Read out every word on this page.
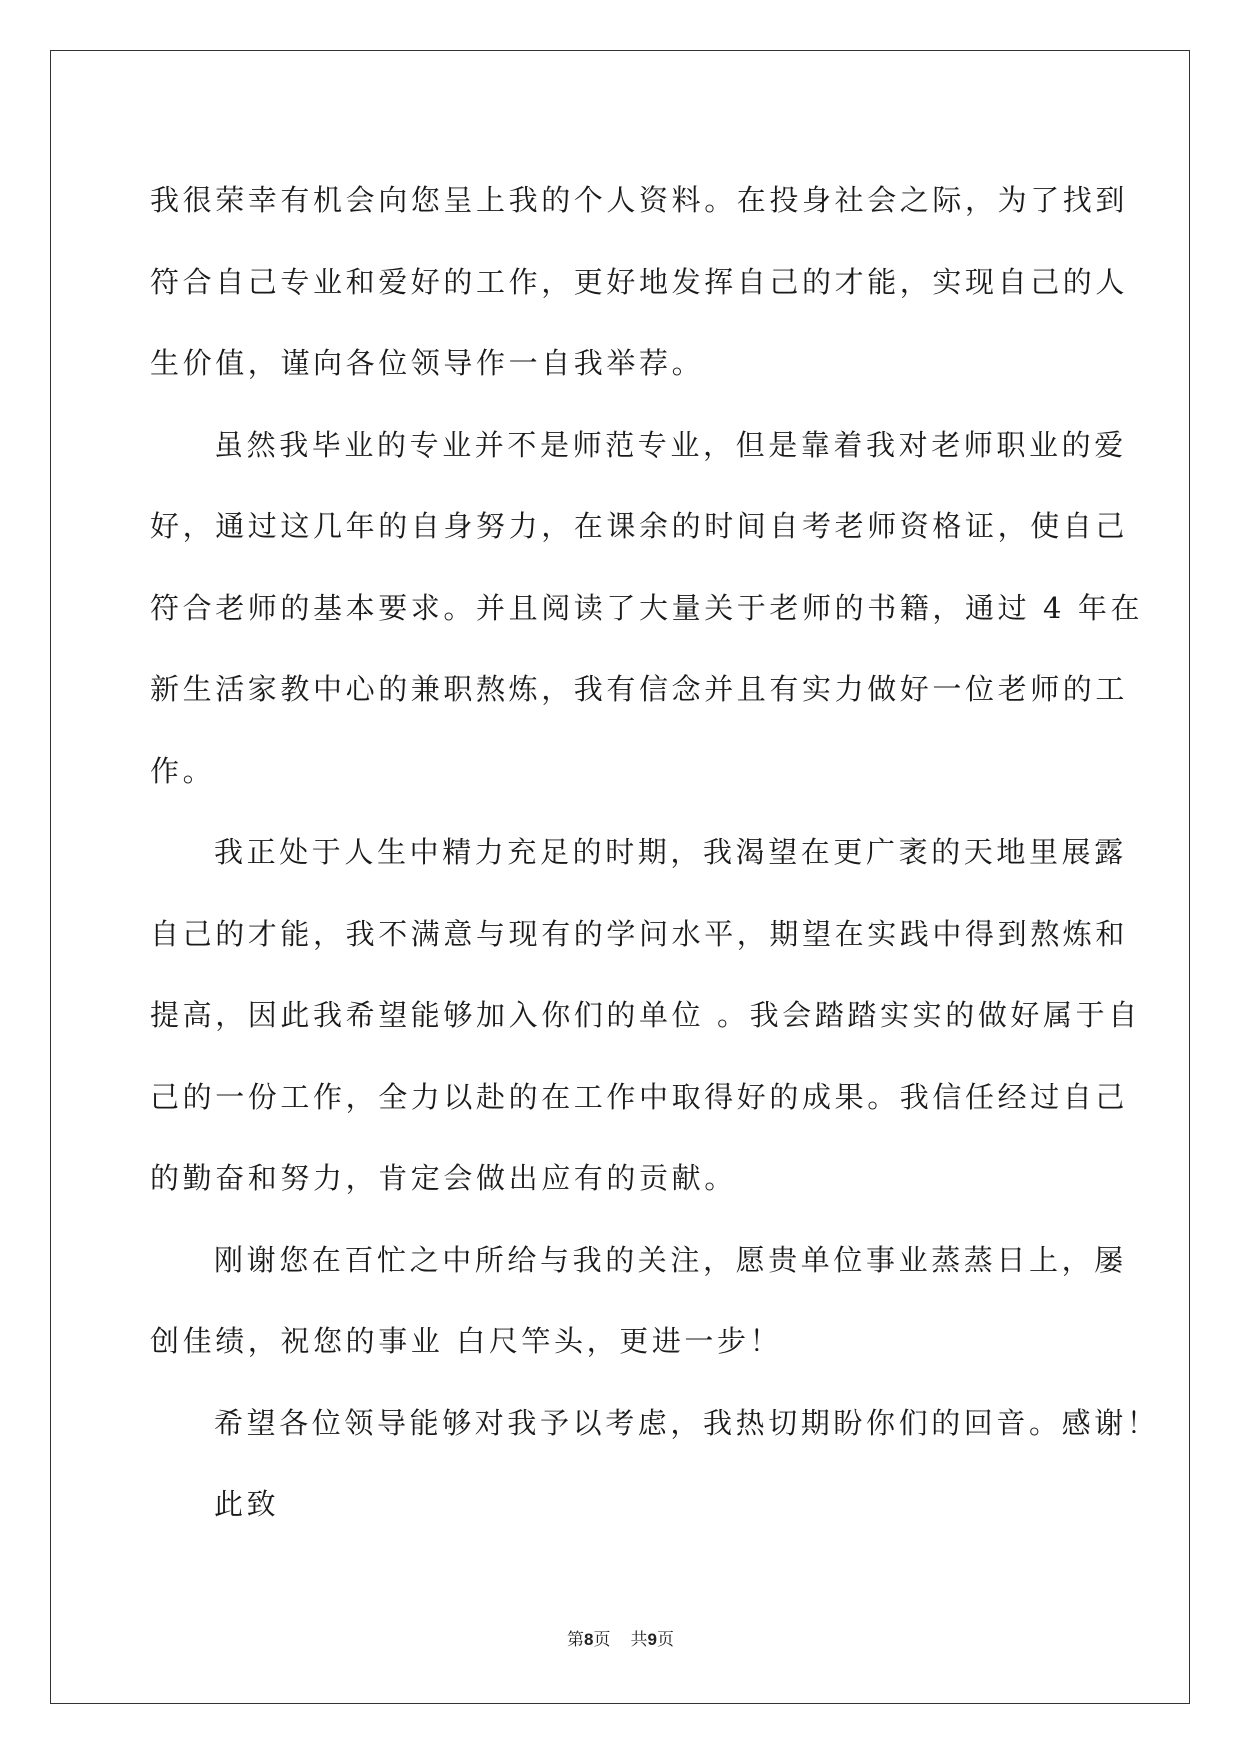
我很荣幸有机会向您呈上我的个人资料。在投身社会之际，为了找到

符合自己专业和爱好的工作，更好地发挥自己的才能，实现自己的人

生价值，谨向各位领导作一自我举荐。

虽然我毕业的专业并不是师范专业，但是靠着我对老师职业的爱

好，通过这几年的自身努力，在课余的时间自考老师资格证，使自己

符合老师的基本要求。并且阅读了大量关于老师的书籍，通过 4 年在

新生活家教中心的兼职熬炼，我有信念并且有实力做好一位老师的工

作。

我正处于人生中精力充足的时期，我渴望在更广袤的天地里展露

自己的才能，我不满意与现有的学问水平，期望在实践中得到熬炼和

提高，因此我希望能够加入你们的单位 。我会踏踏实实的做好属于自

己的一份工作，全力以赴的在工作中取得好的成果。我信任经过自己

的勤奋和努力，肯定会做出应有的贡献。

刚谢您在百忙之中所给与我的关注，愿贵单位事业蒸蒸日上，屡

创佳绩，祝您的事业 白尺竿头，更进一步！

希望各位领导能够对我予以考虑，我热切期盼你们的回音。感谢！

此致

第8页 共9页
